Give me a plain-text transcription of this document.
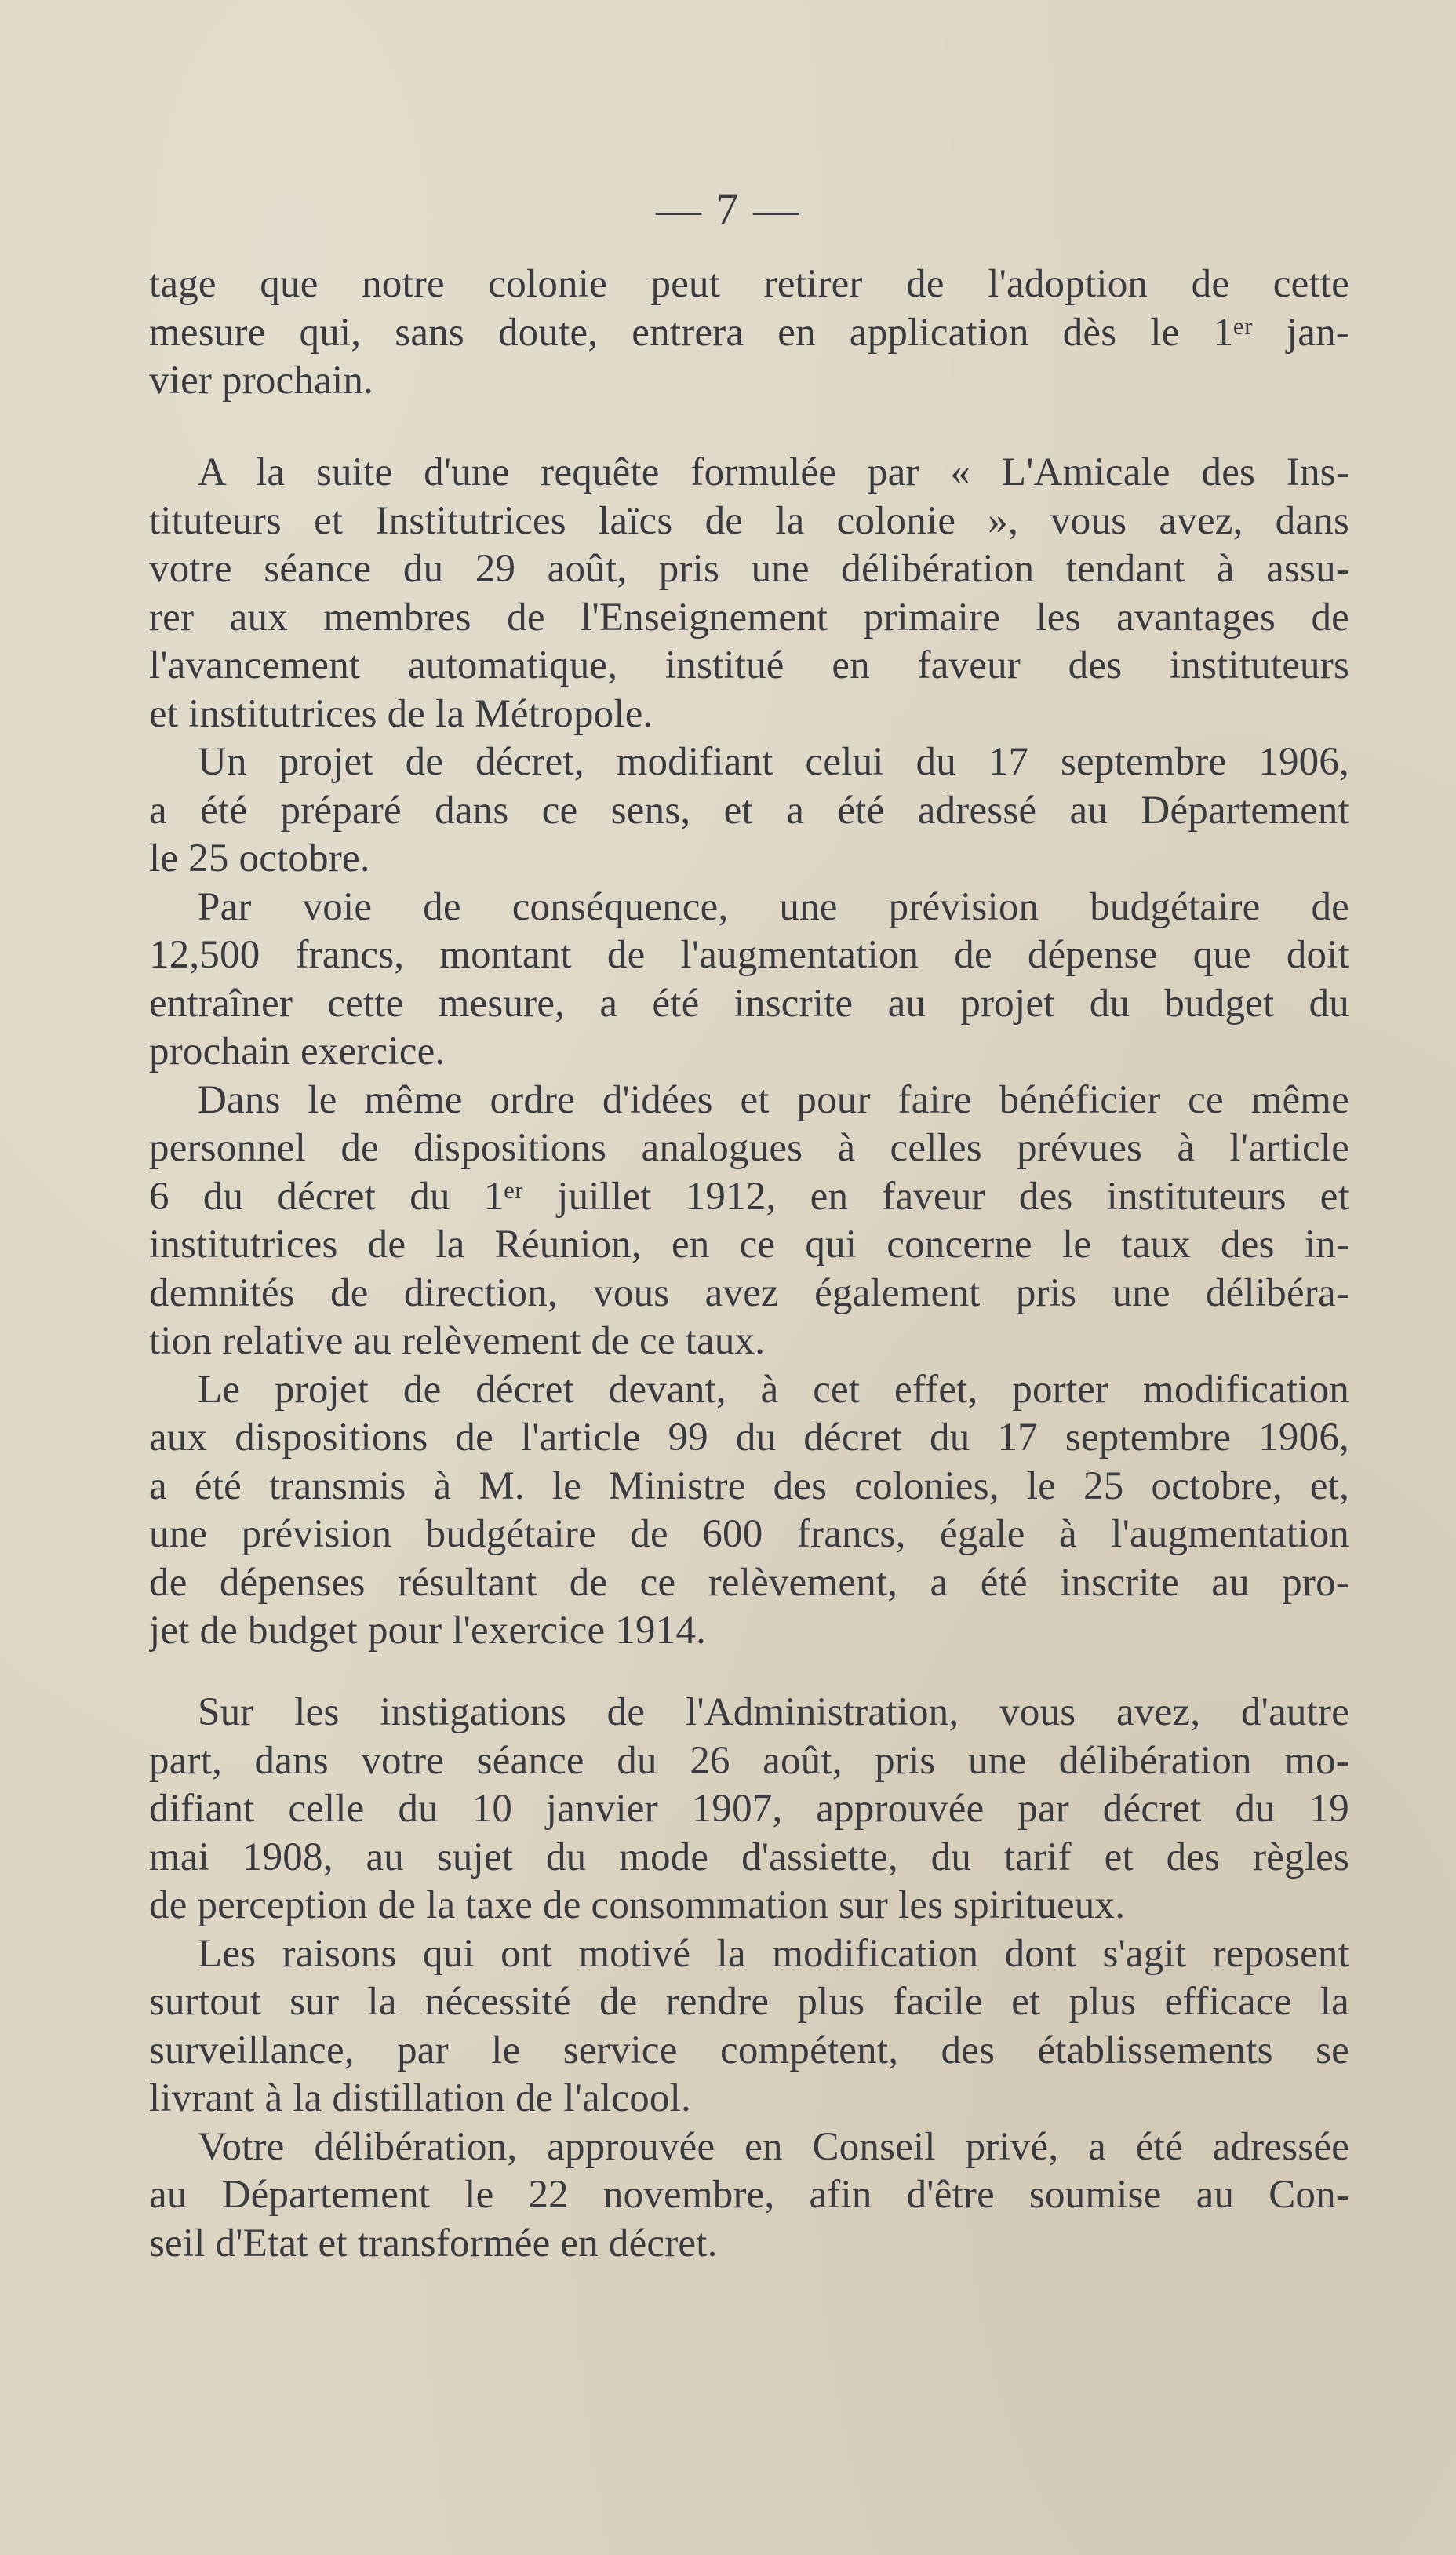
— 7 —
tage que notre colonie peut retirer de l'adoption de cette
mesure qui, sans doute, entrera en application dès le 1ᵉʳ jan-
vier prochain.
A la suite d'une requête formulée par « L'Amicale des Ins-
tituteurs et Institutrices laïcs de la colonie », vous avez, dans
votre séance du 29 août, pris une délibération tendant à assu-
rer aux membres de l'Enseignement primaire les avantages de
l'avancement automatique, institué en faveur des instituteurs
et institutrices de la Métropole.
Un projet de décret, modifiant celui du 17 septembre 1906,
a été préparé dans ce sens, et a été adressé au Département
le 25 octobre.
Par voie de conséquence, une prévision budgétaire de
12,500 francs, montant de l'augmentation de dépense que doit
entraîner cette mesure, a été inscrite au projet du budget du
prochain exercice.
Dans le même ordre d'idées et pour faire bénéficier ce même
personnel de dispositions analogues à celles prévues à l'article
6 du décret du 1ᵉʳ juillet 1912, en faveur des instituteurs et
institutrices de la Réunion, en ce qui concerne le taux des in-
demnités de direction, vous avez également pris une délibéra-
tion relative au relèvement de ce taux.
Le projet de décret devant, à cet effet, porter modification
aux dispositions de l'article 99 du décret du 17 septembre 1906,
a été transmis à M. le Ministre des colonies, le 25 octobre, et,
une prévision budgétaire de 600 francs, égale à l'augmentation
de dépenses résultant de ce relèvement, a été inscrite au pro-
jet de budget pour l'exercice 1914.
Sur les instigations de l'Administration, vous avez, d'autre
part, dans votre séance du 26 août, pris une délibération mo-
difiant celle du 10 janvier 1907, approuvée par décret du 19
mai 1908, au sujet du mode d'assiette, du tarif et des règles
de perception de la taxe de consommation sur les spiritueux.
Les raisons qui ont motivé la modification dont s'agit reposent
surtout sur la nécessité de rendre plus facile et plus efficace la
surveillance, par le service compétent, des établissements se
livrant à la distillation de l'alcool.
Votre délibération, approuvée en Conseil privé, a été adressée
au Département le 22 novembre, afin d'être soumise au Con-
seil d'Etat et transformée en décret.
